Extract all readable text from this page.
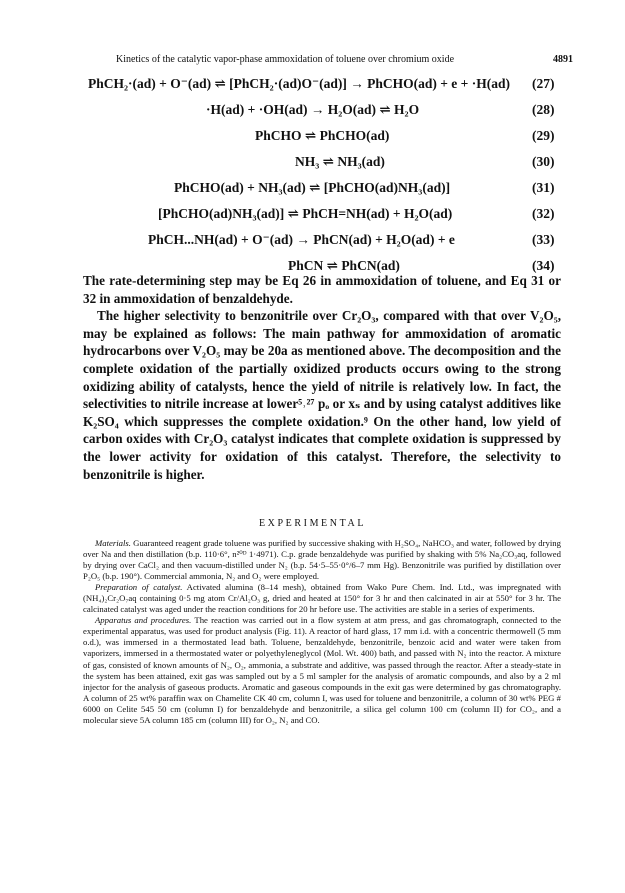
Kinetics of the catalytic vapor-phase ammoxidation of toluene over chromium oxide	4891
PhCH₂·(ad) + O⁻(ad) ⇌ [PhCH₂·(ad)O⁻(ad)] → PhCHO(ad) + e + ·H(ad) (27)
·H(ad) + ·OH(ad) → H₂O(ad) ⇌ H₂O	(28)
PhCHO ⇌ PhCHO(ad)	(29)
NH₃ ⇌ NH₃(ad)	(30)
PhCHO(ad) + NH₃(ad) ⇌ [PhCHO(ad)NH₃(ad)]	(31)
[PhCHO(ad)NH₃(ad)] ⇌ PhCH=NH(ad) + H₂O(ad)	(32)
PhCH...NH(ad) + O⁻(ad) → PhCN(ad) + H₂O(ad) + e	(33)
PhCN ⇌ PhCN(ad)	(34)

The rate-determining step may be Eq 26 in ammoxidation of toluene, and Eq 31 or 32 in ammoxidation of benzaldehyde.

The higher selectivity to benzonitrile over Cr₂O₃, compared with that over V₂O₅, may be explained as follows: The main pathway for ammoxidation of aromatic hydrocarbons over V₂O₅ may be 20a as mentioned above. The decomposition and the complete oxidation of the partially oxidized products occurs owing to the strong oxidizing ability of catalysts, hence the yield of nitrile is relatively low. In fact, the selectivities to nitrile increase at lower⁵˒²⁷ pₒ or xₛ and by using catalyst additives like K₂SO₄ which suppresses the complete oxidation.⁹ On the other hand, low yield of carbon oxides with Cr₂O₃ catalyst indicates that complete oxidation is suppressed by the lower activity for oxidation of this catalyst. Therefore, the selectivity to benzonitrile is higher.

EXPERIMENTAL

Materials. Guaranteed reagent grade toluene was purified by successive shaking with H₂SO₄, NaHCO₃ and water, followed by drying over Na and then distillation (b.p. 110·6°, n²⁰ᴰ 1·4971). C.p. grade benzaldehyde was purified by shaking with 5% Na₂CO₃aq, followed by drying over CaCl₂ and then vacuum-distilled under N₂ (b.p. 54·5–55·0°/6–7 mm Hg). Benzonitrile was purified by distillation over P₂O₅ (b.p. 190°). Commercial ammonia, N₂ and O₂ were employed.

Preparation of catalyst. Activated alumina (8–14 mesh), obtained from Wako Pure Chem. Ind. Ltd., was impregnated with (NH₄)₂Cr₂O₇aq containing 0·5 mg atom Cr/Al₂O₃ g, dried and heated at 150° for 3 hr and then calcinated in air at 550° for 3 hr. The calcinated catalyst was aged under the reaction conditions for 20 hr before use. The activities are stable in a series of experiments.

Apparatus and procedures. The reaction was carried out in a flow system at atm press, and gas chromatograph, connected to the experimental apparatus, was used for product analysis (Fig. 11). A reactor of hard glass, 17 mm i.d. with a concentric thermowell (5 mm o.d.), was immersed in a thermostated lead bath. Toluene, benzaldehyde, benzonitrile, benzoic acid and water were taken from vaporizers, immersed in a thermostated water or polyethyleneglycol (Mol. Wt. 400) bath, and passed with N₂ into the reactor. A mixture of gas, consisted of known amounts of N₂, O₂, ammonia, a substrate and additive, was passed through the reactor. After a steady-state in the system has been attained, exit gas was sampled out by a 5 ml sampler for the analysis of aromatic compounds, and also by a 2 ml injector for the analysis of gaseous products. Aromatic and gaseous compounds in the exit gas were determined by gas chromatography. A column of 25 wt% paraffin wax on Chamelite CK 40 cm, column I, was used for toluene and benzonitrile, a column of 30 wt% PEG # 6000 on Celite 545 50 cm (column I) for benzaldehyde and benzonitrile, a silica gel column 100 cm (column II) for CO₂, and a molecular sieve 5A column 185 cm (column III) for O₂, N₂ and CO.
